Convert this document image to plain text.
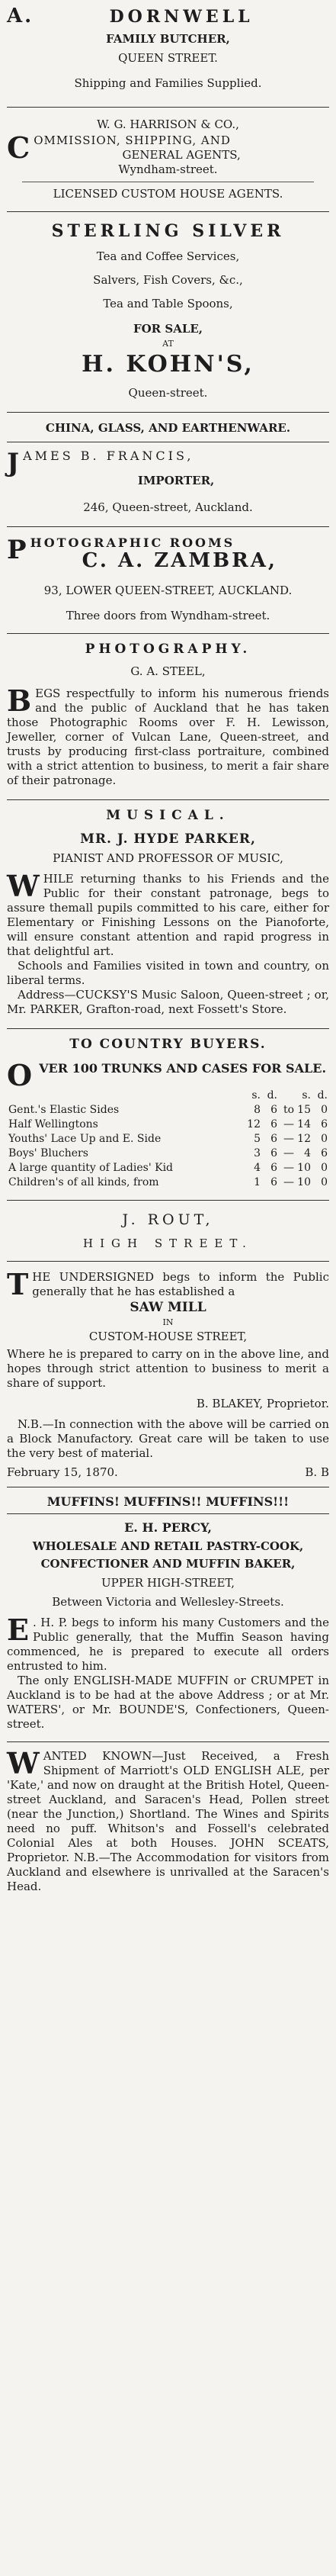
A.	DORNWELL
FAMILY BUTCHER,
QUEEN STREET.
Shipping and Families Supplied.
W. G. HARRISON & CO.,
C OMMISSION, SHIPPING, AND
GENERAL AGENTS,
Wyndham-street.
LICENSED CUSTOM HOUSE AGENTS.
STERLING SILVER
Tea and Coffee Services,
Salvers, Fish Covers, &c.,
Tea and Table Spoons,
FOR SALE,
AT
H. KOHN'S,
Queen-street.
CHINA, GLASS, AND EARTHENWARE.
J AMES B. FRANCIS,
IMPORTER,
246, Queen-street, Auckland.
P HOTOGRAPHIC ROOMS
C. A. ZAMBRA,
93, LOWER QUEEN-STREET, AUCKLAND.
Three doors from Wyndham-street.
PHOTOGRAPHY.
G. A. STEEL,
B EGS respectfully to inform his numerous friends and the public of Auckland that he has taken those Photographic Rooms over F. H. Lewisson, Jeweller, corner of Vulcan Lane, Queen-street, and trusts by producing first-class portraiture, combined with a strict attention to business, to merit a fair share of their patronage.
MUSICAL.
MR. J. HYDE PARKER,
PIANIST AND PROFESSOR OF MUSIC,
W HILE returning thanks to his Friends and the Public for their constant patronage, begs to assure themall pupils committed to his care, either for Elementary or Finishing Lessons on the Pianoforte, will ensure constant attention and rapid progress in that delightful art.
Schools and Families visited in town and country, on liberal terms.
Address—CUCKSY'S Music Saloon, Queen-street ; or, Mr. PARKER, Grafton-road, next Fossett's Store.
TO COUNTRY BUYERS.
O VER 100 TRUNKS AND CASES FOR SALE.
	s.	d.		s.	d.
Gent.'s Elastic Sides	8	6	to	15	0
Half Wellingtons	12	6	—	14	6
Youths' Lace Up and E. Side	5	6	—	12	0
Boys' Bluchers	3	6	—	4	6
A large quantity of Ladies' Kid	4	6	—	10	0
Children's of all kinds, from	1	6	—	10	0
J. ROUT,
HIGH STREET.
T HE UNDERSIGNED begs to inform the Public generally that he has established a
SAW MILL
IN
CUSTOM-HOUSE STREET,
Where he is prepared to carry on in the above line, and hopes through strict attention to business to merit a share of support.
B. BLAKEY, Proprietor.
N.B.—In connection with the above will be carried on a Block Manufactory. Great care will be taken to use the very best of material.
February 15, 1870.	B. B
MUFFINS! MUFFINS!! MUFFINS!!!
E. H. PERCY,
WHOLESALE AND RETAIL PASTRY-COOK,
CONFECTIONER AND MUFFIN BAKER,
UPPER HIGH-STREET,
Between Victoria and Wellesley-Streets.
E . H. P. begs to inform his many Customers and the Public generally, that the Muffin Season having commenced, he is prepared to execute all orders entrusted to him.
The only ENGLISH-MADE MUFFIN or CRUMPET in Auckland is to be had at the above Address ; or at Mr. WATERS', or Mr. BOUNDE'S, Confectioners, Queen-street.
W ANTED KNOWN—Just Received, a Fresh Shipment of Marriott's OLD ENGLISH ALE, per 'Kate,' and now on draught at the British Hotel, Queen-street Auckland, and Saracen's Head, Pollen street (near the Junction,) Shortland. The Wines and Spirits need no puff. Whitson's and Fossell's celebrated Colonial Ales at both Houses. JOHN SCEATS, Proprietor. N.B.—The Accommodation for visitors from Auckland and elsewhere is unrivalled at the Saracen's Head.
